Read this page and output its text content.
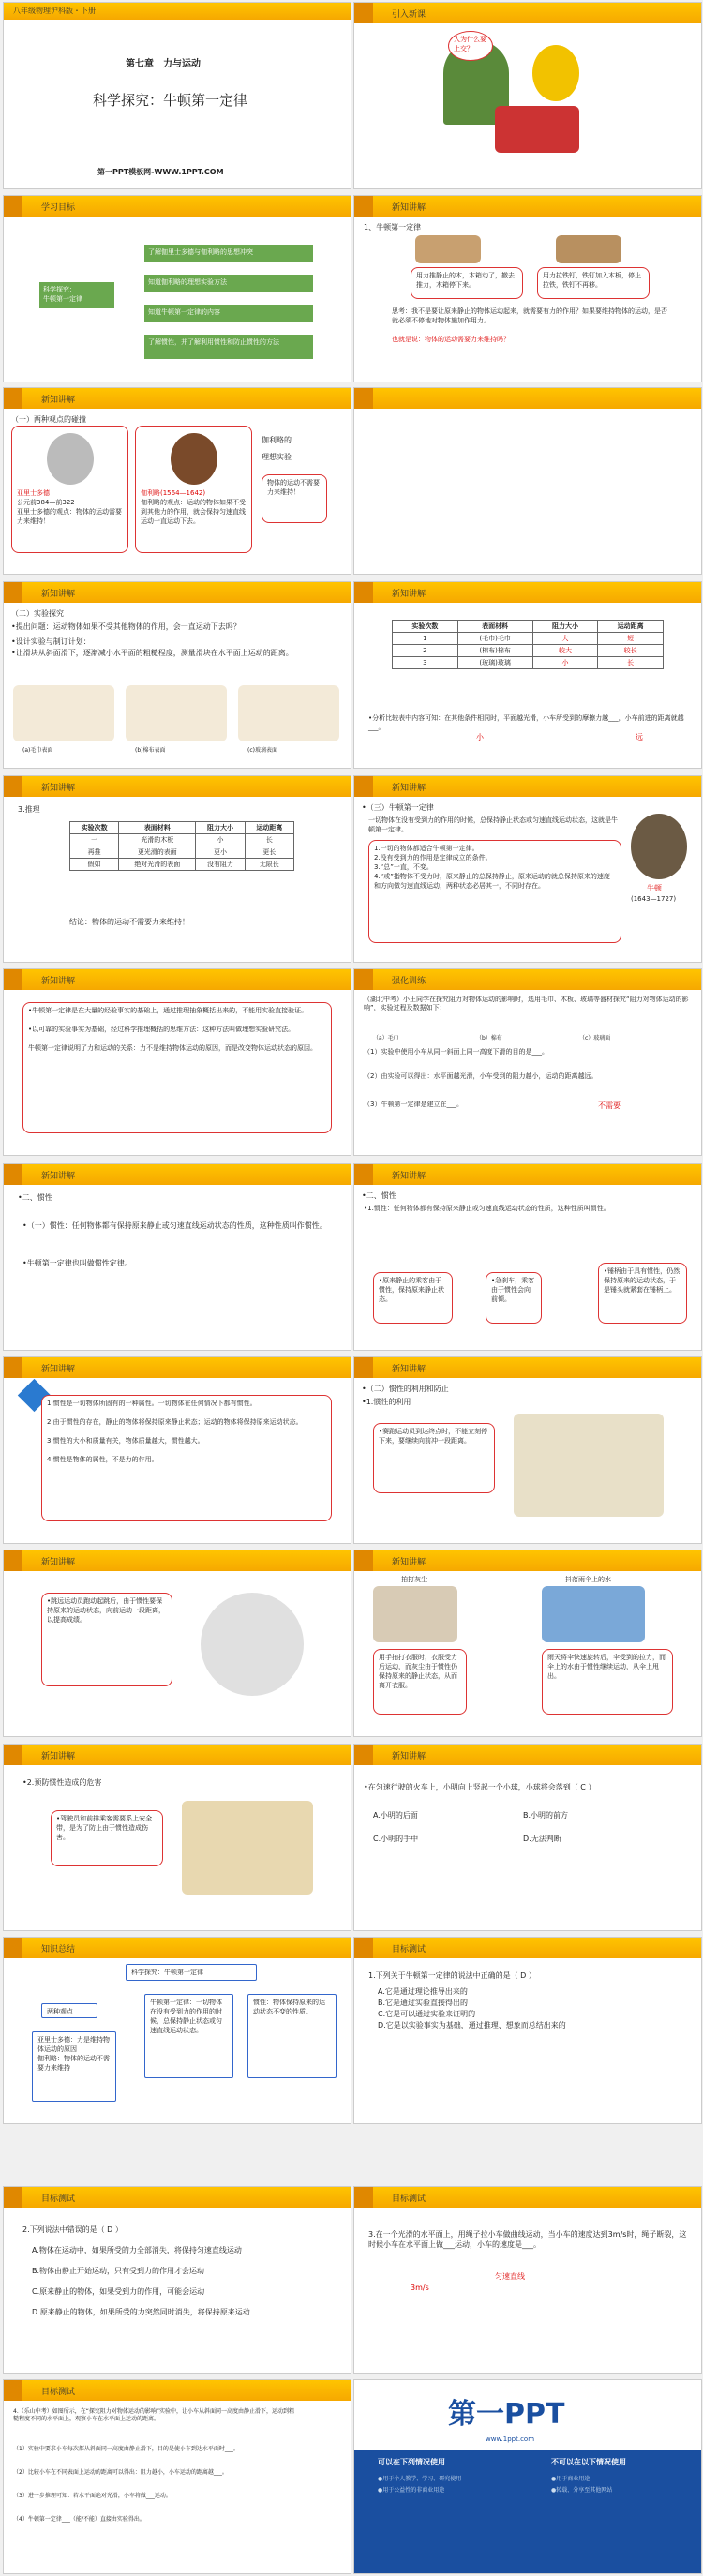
八年级物理沪科版・下册
第七章　力与运动
科学探究：牛顿第一定律
第一PPT模板网-WWW.1PPT.COM
引入新课
人为什么要上交？
学习目标
科学探究：
牛顿第一定律
了解伽里士多德与伽利略的思想冲突
知道伽利略的理想实验方法
知道牛顿第一定律的内容
了解惯性，并了解利用惯性和防止惯性的方法
新知讲解
1、牛顿第一定律
用力推静止的木，木箱动了，撤去推力，木箱停下来。
用力拉铁钉，铁钉加入木板，停止拉铁，铁钉不再移。
思考：我不是要让原来静止的物体运动起来，就需要有力的作用？如果要维持物体的运动，是否就必须不停地对物体施加作用力。
也就是说：物体的运动需要力来维持吗？
新知讲解
（一）两种观点的碰撞
亚里士多德
公元前384—前322
亚里士多德的观点：物体的运动需要力来维持！
伽利略(1564—1642)
伽利略的观点：运动的物体如果不受到其他力的作用，就会保持匀速直线运动一直运动下去。
伽利略的
理想实验
物体的运动不需要力来维持！
新知讲解
（二）实验探究
•提出问题：运动物体如果不受其他物体的作用，会一直运动下去吗？
•设计实验与制订计划：
•让滑块从斜面滑下，逐渐减小水平面的粗糙程度，测量滑块在水平面上运动的距离。
(a)毛巾表面	(b)棉布表面	(c)玻璃表面
新知讲解
实验次数	表面材料	阻力大小	运动距离
1	(毛巾)毛巾	大	短
2	(棉布)棉布	较大	较长
3	(玻璃)玻璃	小	长
•分析比较表中内容可知：在其他条件相同时，平面越光滑，小车所受到的摩擦力越___，小车前进的距离就越___。
小	远
新知讲解
3.推理
实验次数	表面材料	阻力大小	运动距离
一	光滑的木板	小	长
再推	更光滑的表面	更小	更长
假如	绝对光滑的表面	没有阻力	无限长
结论：物体的运动不需要力来维持！
新知讲解
•（三）牛顿第一定律
一切物体在没有受到力的作用的时候，总保持静止状态或匀速直线运动状态，这就是牛顿第一定律。
1.一切的物体都适合牛顿第一定律。
2.没有受到力的作用是定律成立的条件。
3.“总”一直，不变。
4.“或”指物体不受力时，原来静止的总保持静止，原来运动的就总保持原来的速度和方向做匀速直线运动，两种状态必居其一，不同时存在。	牛顿
(1643—1727)
新知讲解
•牛顿第一定律是在大量的经验事实的基础上，通过推理抽象概括出来的，不能用实验直接验证。

•以可靠的实验事实为基础，经过科学推理概括的思维方法：这种方法叫做理想实验研究法。

牛顿第一定律说明了力和运动的关系：力不是维持物体运动的原因，而是改变物体运动状态的原因。
强化训练
（湖北中考）小王同学在探究阻力对物体运动的影响时，选用毛巾、木板、玻璃等器材探究“阻力对物体运动的影响”，实验过程及数据如下：
（a）毛巾	（b）棉布	（c）玻璃面
（1）实验中使用小车从同一斜面上同一高度下滑的目的是___。
（2）由实验可以得出：水平面越光滑，小车受到的阻力越小，运动的距离越远。
（3）牛顿第一定律是建立在___。	不需要
新知讲解
•二、惯性
•（一）惯性：任何物体都有保持原来静止或匀速直线运动状态的性质，这种性质叫作惯性。
•牛顿第一定律也叫做惯性定律。
新知讲解
•二、惯性
•1.惯性：任何物体都有保持原来静止或匀速直线运动状态的性质，这种性质叫惯性。
•原来静止的乘客由于惯性，保持原来静止状态。
•急刹车，乘客由于惯性会向前倾。
•锤柄由于具有惯性，仍然保持原来的运动状态，于是锤头就紧套在锤柄上。
新知讲解
1.惯性是一切物体所固有的一种属性。一切物体在任何情况下都有惯性。

2.由于惯性的存在，静止的物体将保持原来静止状态；运动的物体将保持原来运动状态。

3.惯性的大小和质量有关，物体质量越大，惯性越大。

4.惯性是物体的属性，不是力的作用。
新知讲解
•（二）惯性的利用和防止
•1.惯性的利用
•赛跑运动员到达终点时，不能立刻停下来，要继续向前冲一段距离。
新知讲解
•跳远运动员跑动起跳后，由于惯性要保持原来的运动状态，向前运动一段距离，以提高成绩。
新知讲解
拍打灰尘	抖落雨伞上的水
用手拍打衣服时，衣服受力后运动，而灰尘由于惯性仍保持原来的静止状态，从而离开衣服。
雨天将伞快速旋转后，伞受到的拉力，而伞上的水由于惯性继续运动，从伞上甩出。
新知讲解
•2.预防惯性造成的危害
•驾驶员和前排乘客需要系上安全带，是为了防止由于惯性造成伤害。
新知讲解
•在匀速行驶的火车上，小明向上竖起一个小球，小球将会落到（ C ）
A.小明的后面	B.小明的前方
C.小明的手中	D.无法判断
知识总结
科学探究：牛顿第一定律
两种观点
亚里士多德：力是维持物体运动的原因
伽利略：物体的运动不需要力来维持
牛顿第一定律：一切物体在没有受到力的作用的时候，总保持静止状态或匀速直线运动状态。
惯性：物体保持原来的运动状态不变的性质。
目标测试
1.下列关于牛顿第一定律的说法中正确的是（ D ）
A.它是通过理论推导出来的
B.它是通过实验直接得出的
C.它是可以通过实验来证明的
D.它是以实验事实为基础，通过推理、想象而总结出来的
目标测试
2.下列说法中错误的是（ D ）
A.物体在运动中，如果所受的力全部消失，将保持匀速直线运动
B.物体由静止开始运动，只有受到力的作用才会运动
C.原来静止的物体，如果受到力的作用，可能会运动
D.原来静止的物体，如果所受的力突然同时消失，将保持原来运动
目标测试
3.在一个光滑的水平面上，用绳子拉小车做曲线运动，当小车的速度达到3m/s时，绳子断裂，这时候小车在水平面上做___运动，小车的速度是___。
匀速直线
3m/s
目标测试
4.（乐山中考）如图所示，在“探究阻力对物体运动的影响”实验中，让小车从斜面同一高度由静止滑下，运动到粗糙程度不同的水平面上，观察小车在水平面上运动的距离。
（1）实验中要求小车每次都从斜面同一高度由静止滑下，目的是使小车到达水平面时___。
（2）比较小车在不同表面上运动的距离可以得出：阻力越小，小车运动的距离越___。
（3）进一步推理可知：若水平面绝对光滑，小车将做___运动。
（4）牛顿第一定律___（能/不能）直接由实验得出。
第一PPT
www.1ppt.com
可以在下列情况使用	不可以在以下情况使用
●用于个人教学、学习、研究使用
●用于公益性的非商业用途
●用于商业用途
●转载、分享至其他网站
